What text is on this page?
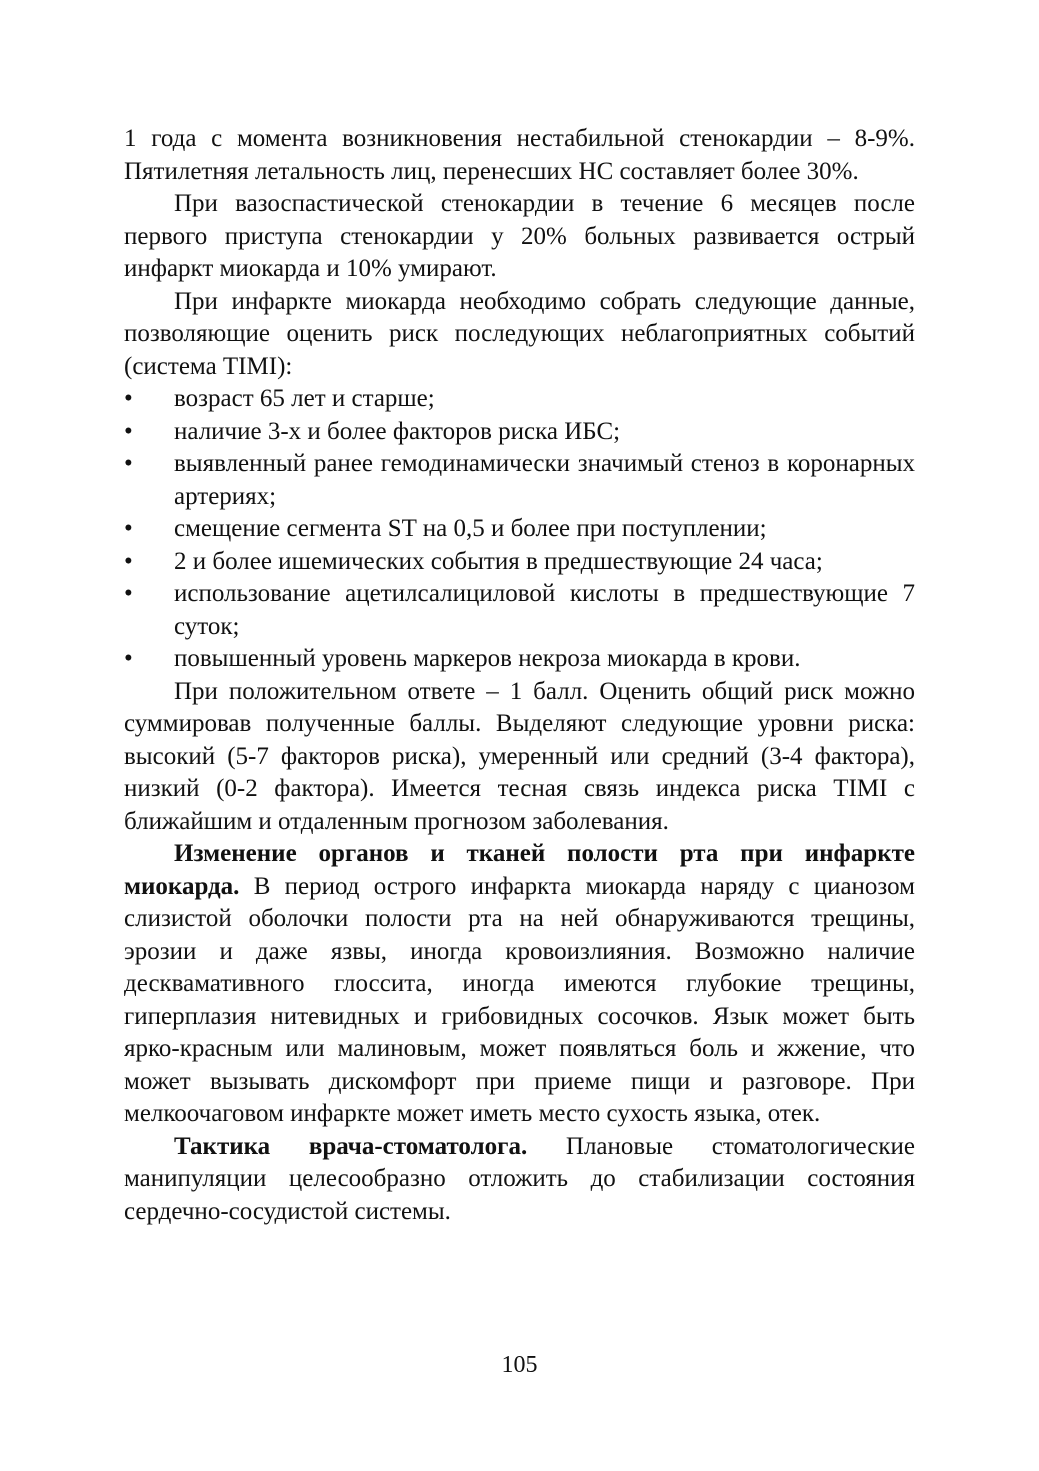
1 года с момента возникновения нестабильной стенокардии – 8-9%. Пятилетняя летальность лиц, перенесших НС составляет более 30%.

При вазоспастической стенокардии в течение 6 месяцев после первого приступа стенокардии у 20% больных развивается острый инфаркт миокарда и 10% умирают.

При инфаркте миокарда необходимо собрать следующие данные, позволяющие оценить риск последующих неблагоприятных событий (система TIMI):

• возраст 65 лет и старше;
• наличие 3-х и более факторов риска ИБС;
• выявленный ранее гемодинамически значимый стеноз в коронарных артериях;
• смещение сегмента ST на 0,5 и более при поступлении;
• 2 и более ишемических события в предшествующие 24 часа;
• использование ацетилсалициловой кислоты в предшествующие 7 суток;
• повышенный уровень маркеров некроза миокарда в крови.

При положительном ответе – 1 балл. Оценить общий риск можно суммировав полученные баллы. Выделяют следующие уровни риска: высокий (5-7 факторов риска), умеренный или средний (3-4 фактора), низкий (0-2 фактора). Имеется тесная связь индекса риска TIMI с ближайшим и отдаленным прогнозом заболевания.

Изменение органов и тканей полости рта при инфаркте миокарда. В период острого инфаркта миокарда наряду с цианозом слизистой оболочки полости рта на ней обнаруживаются трещины, эрозии и даже язвы, иногда кровоизлияния. Возможно наличие десквамативного глоссита, иногда имеются глубокие трещины, гиперплазия нитевидных и грибовидных сосочков. Язык может быть ярко-красным или малиновым, может появляться боль и жжение, что может вызывать дискомфорт при приеме пищи и разговоре. При мелкоочаговом инфаркте может иметь место сухость языка, отек.

Тактика врача-стоматолога. Плановые стоматологические манипуляции целесообразно отложить до стабилизации состояния сердечно-сосудистой системы.

105
